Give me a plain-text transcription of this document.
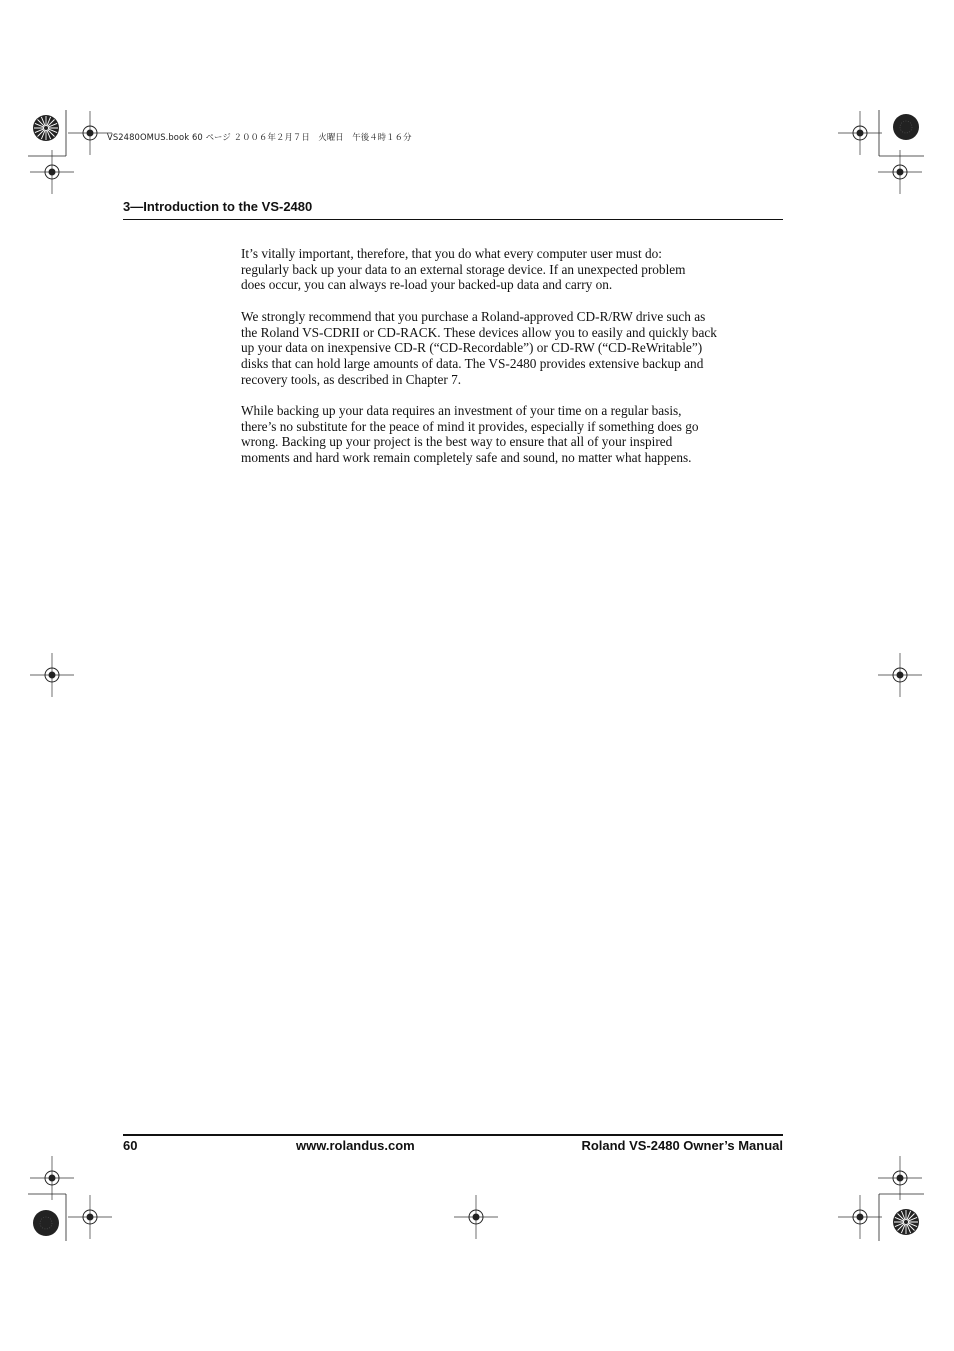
VS2480OMUS.book 60 ページ ２００６年２月７日　火曜日　午後４時１６分
3—Introduction to the VS-2480

It’s vitally important, therefore, that you do what every computer user must do:
regularly back up your data to an external storage device. If an unexpected problem
does occur, you can always re-load your backed-up data and carry on.

We strongly recommend that you purchase a Roland-approved CD-R/RW drive such as
the Roland VS-CDRII or CD-RACK. These devices allow you to easily and quickly back
up your data on inexpensive CD-R (“CD-Recordable”) or CD-RW (“CD-ReWritable”)
disks that can hold large amounts of data. The VS-2480 provides extensive backup and
recovery tools, as described in Chapter 7.

While backing up your data requires an investment of your time on a regular basis,
there’s no substitute for the peace of mind it provides, especially if something does go
wrong. Backing up your project is the best way to ensure that all of your inspired
moments and hard work remain completely safe and sound, no matter what happens.

60	www.rolandus.com	Roland VS-2480 Owner’s Manual
